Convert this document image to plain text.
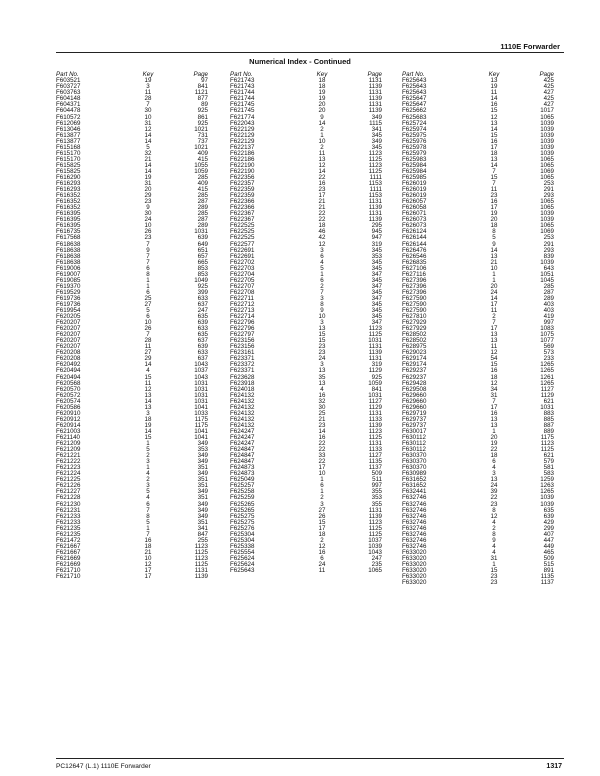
1110E Forwarder
Numerical Index - Continued
Part No.	Key	Page
F603521	19	97
F603727	3	841
F603763	11	1121
F604148	28	877
F604371	7	89
F604478	30	925
F610572	10	861
F612069	31	925
F613046	12	1021
F613877	14	731
F613877	14	737
F615168	5	1021
F615170	32	409
F615170	21	415
F615825	14	1055
F615825	14	1059
F616290	19	285
F616293	31	409
F616293	20	415
F616352	29	285
F616352	23	287
F616352	9	289
F616395	30	285
F616395	24	287
F616395	10	289
F616735	26	1031
F617568	23	639
F618638	7	649
F618638	9	651
F618638	7	657
F618638	7	665
F619006	6	853
F619007	8	853
F619085	1	1049
F619370	1	925
F619529	6	399
F619736	25	633
F619736	27	637
F619954	5	247
F620205	6	635
F620207	10	639
F620207	26	633
F620207	7	635
F620207	28	637
F620207	11	639
F620208	27	633
F620208	29	637
F620492	14	1043
F620494	4	1037
F620494	15	1043
F620568	11	1031
F620570	12	1031
F620572	13	1031
F620574	14	1031
F620586	13	1041
F620910	3	1033
F620912	18	1175
F620914	19	1175
F621003	14	1041
F621140	15	1041
F621209	1	349
F621209	5	353
F621221	2	349
F621222	3	349
F621223	1	351
F621224	4	349
F621225	2	351
F621226	3	351
F621227	5	349
F621228	4	351
F621230	6	349
F621231	7	349
F621233	8	349
F621233	5	351
F621235	1	341
F621235	7	847
F621472	16	255
F621667	18	1123
F621667	21	1125
F621669	10	1123
F621669	12	1125
F621710	17	1131
F621710	17	1139
Part No.	Key	Page
F621743	18	1131
F621743	18	1139
F621744	19	1131
F621744	19	1139
F621745	20	1131
F621745	20	1139
F621774	9	349
F622043	14	1115
F622129	2	341
F622129	1	345
F622129	10	349
F622137	2	345
F622186	11	1123
F622186	13	1125
F622190	12	1123
F622190	14	1125
F622356	22	1111
F622357	16	1153
F622359	23	1111
F622359	17	1153
F622366	21	1131
F622366	21	1139
F622367	22	1131
F622367	22	1139
F622525	18	295
F622525	46	945
F622525	42	947
F622577	12	319
F622691	3	345
F622691	6	353
F622702	4	345
F622703	5	345
F622704	1	347
F622705	6	345
F622707	2	347
F622708	7	345
F622711	3	347
F622712	8	345
F622713	9	345
F622714	10	345
F622796	3	347
F622796	13	1123
F622797	15	1125
F623156	15	1031
F623156	23	1131
F623161	23	1139
F623371	24	1131
F623372	3	319
F623371	13	1129
F623628	35	925
F623918	13	1059
F624018	4	841
F624132	16	1031
F624132	32	1127
F624132	30	1129
F624132	25	1131
F624132	21	1133
F624132	23	1139
F624247	14	1123
F624247	16	1125
F624247	22	1131
F624847	22	1133
F624847	33	1127
F624847	22	1135
F624873	17	1137
F624873	10	509
F625049	1	511
F625257	6	997
F625258	1	355
F625259	2	353
F625265	3	355
F625265	27	1131
F625275	26	1139
F625275	15	1123
F625276	17	1125
F625304	18	1125
F625304	2	1037
F625338	12	1039
F625554	16	1043
F625624	6	247
F625624	24	235
F625643	11	1065
Part No.	Key	Page
F625643	13	425
F625643	19	425
F625643	11	427
F625647	14	425
F625647	16	427
F625662	15	1017
F625683	12	1065
F625724	13	1039
F625974	14	1039
F625975	15	1039
F625976	16	1039
F625978	17	1039
F625979	18	1039
F625983	13	1065
F625984	14	1065
F625984	7	1069
F625985	15	1065
F626019	7	253
F626019	11	291
F626019	23	293
F626057	16	1065
F626058	17	1065
F626071	19	1039
F626073	20	1039
F626073	18	1065
F626124	8	1069
F626144	5	253
F626144	9	291
F626476	14	293
F626546	13	839
F626835	21	1039
F627106	10	643
F627116	1	1051
F627396	1	1045
F627396	20	285
F627396	24	287
F627590	14	289
F627590	17	403
F627590	11	403
F627810	2	419
F627929	7	997
F627929	17	1083
F628502	13	1075
F628502	13	1077
F628975	11	569
F629023	12	573
F629174	54	233
F629174	15	1265
F629237	16	1265
F629237	18	1261
F629428	12	1265
F629508	34	1127
F629660	31	1129
F629660	7	621
F629660	17	1031
F629719	16	883
F629737	13	885
F629737	13	887
F630017	1	889
F630112	20	1175
F630112	19	1123
F630112	22	1125
F630370	18	621
F630370	6	579
F630370	4	581
F630989	3	583
F631652	13	1259
F631652	24	1263
F632441	39	1265
F632746	22	1039
F632746	23	1039
F632746	8	635
F632746	12	639
F632746	4	429
F632746	2	299
F632746	8	407
F632746	9	447
F632746	4	449
F633020	4	465
F633020	31	509
F633020	1	515
F633020	15	891
F633020	23	1135
F633020	23	1137
PC12647 (L.1) 1110E Forwarder	1317
